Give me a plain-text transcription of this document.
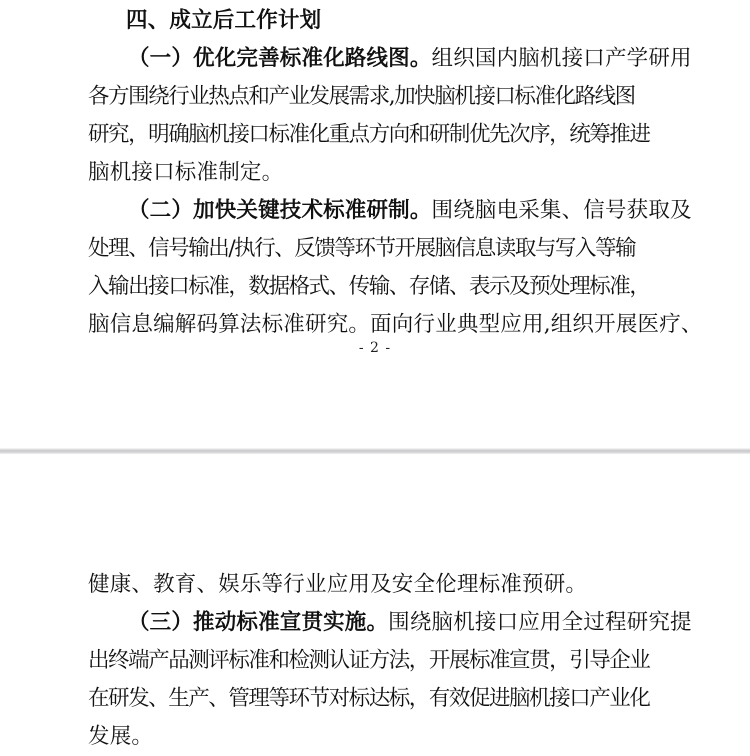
四、成立后工作计划
（一）优化完善标准化路线图。组织国内脑机接口产学研用
各方围绕行业热点和产业发展需求,加快脑机接口标准化路线图
研究，明确脑机接口标准化重点方向和研制优先次序，统筹推进
脑机接口标准制定。
（二）加快关键技术标准研制。围绕脑电采集、信号获取及
处理、信号输出/执行、反馈等环节开展脑信息读取与写入等输
入输出接口标准，数据格式、传输、存储、表示及预处理标准，
脑信息编解码算法标准研究。面向行业典型应用,组织开展医疗、
- 2 -
健康、教育、娱乐等行业应用及安全伦理标准预研。
（三）推动标准宣贯实施。围绕脑机接口应用全过程研究提
出终端产品测评标准和检测认证方法，开展标准宣贯，引导企业
在研发、生产、管理等环节对标达标，有效促进脑机接口产业化
发展。
